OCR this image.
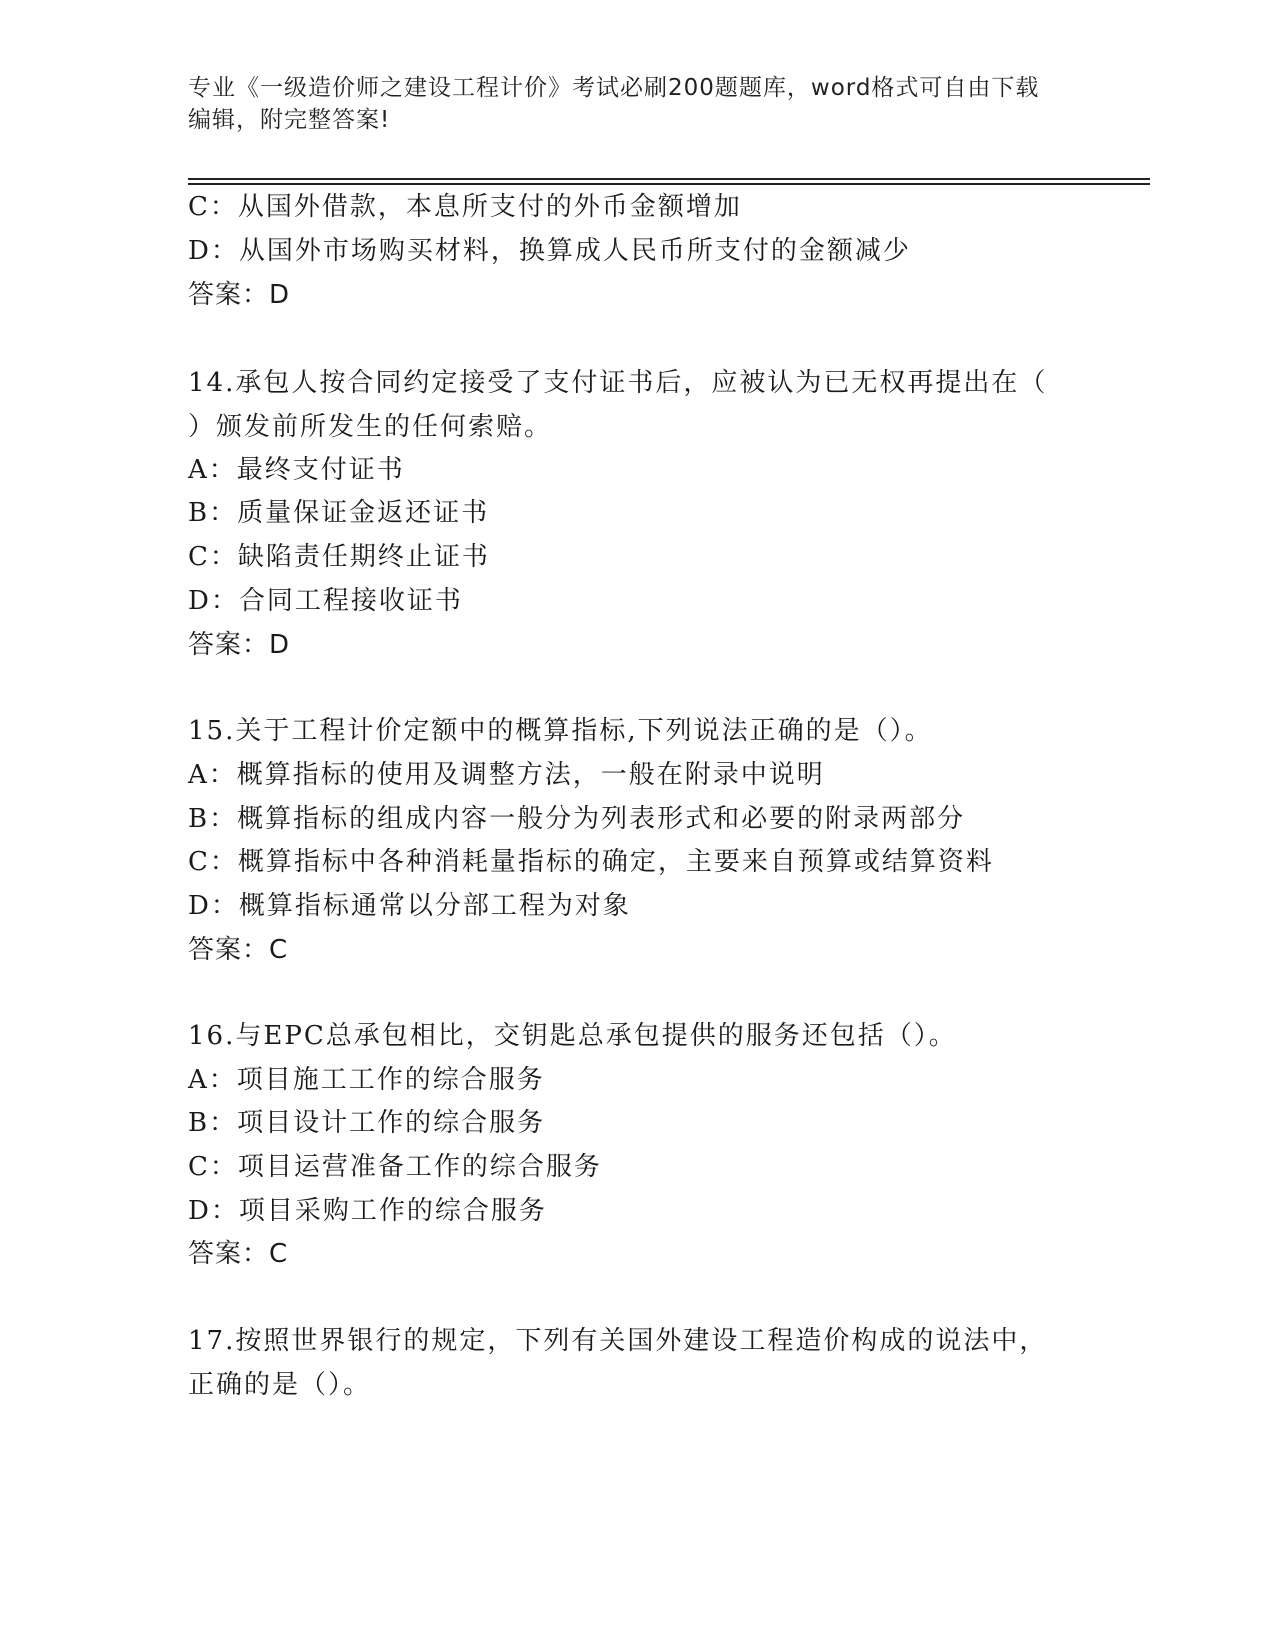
专业《一级造价师之建设工程计价》考试必刷200题题库，word格式可自由下载
编辑，附完整答案!
C：从国外借款，本息所支付的外币金额增加
D：从国外市场购买材料，换算成人民币所支付的金额减少
答案：D
14.承包人按合同约定接受了支付证书后，应被认为已无权再提出在（
）颁发前所发生的任何索赔。
A：最终支付证书
B：质量保证金返还证书
C：缺陷责任期终止证书
D：合同工程接收证书
答案：D
15.关于工程计价定额中的概算指标,下列说法正确的是（）。
A：概算指标的使用及调整方法，一般在附录中说明
B：概算指标的组成内容一般分为列表形式和必要的附录两部分
C：概算指标中各种消耗量指标的确定，主要来自预算或结算资料
D：概算指标通常以分部工程为对象
答案：C
16.与EPC总承包相比，交钥匙总承包提供的服务还包括（）。
A：项目施工工作的综合服务
B：项目设计工作的综合服务
C：项目运营准备工作的综合服务
D：项目采购工作的综合服务
答案：C
17.按照世界银行的规定，下列有关国外建设工程造价构成的说法中，
正确的是（）。
